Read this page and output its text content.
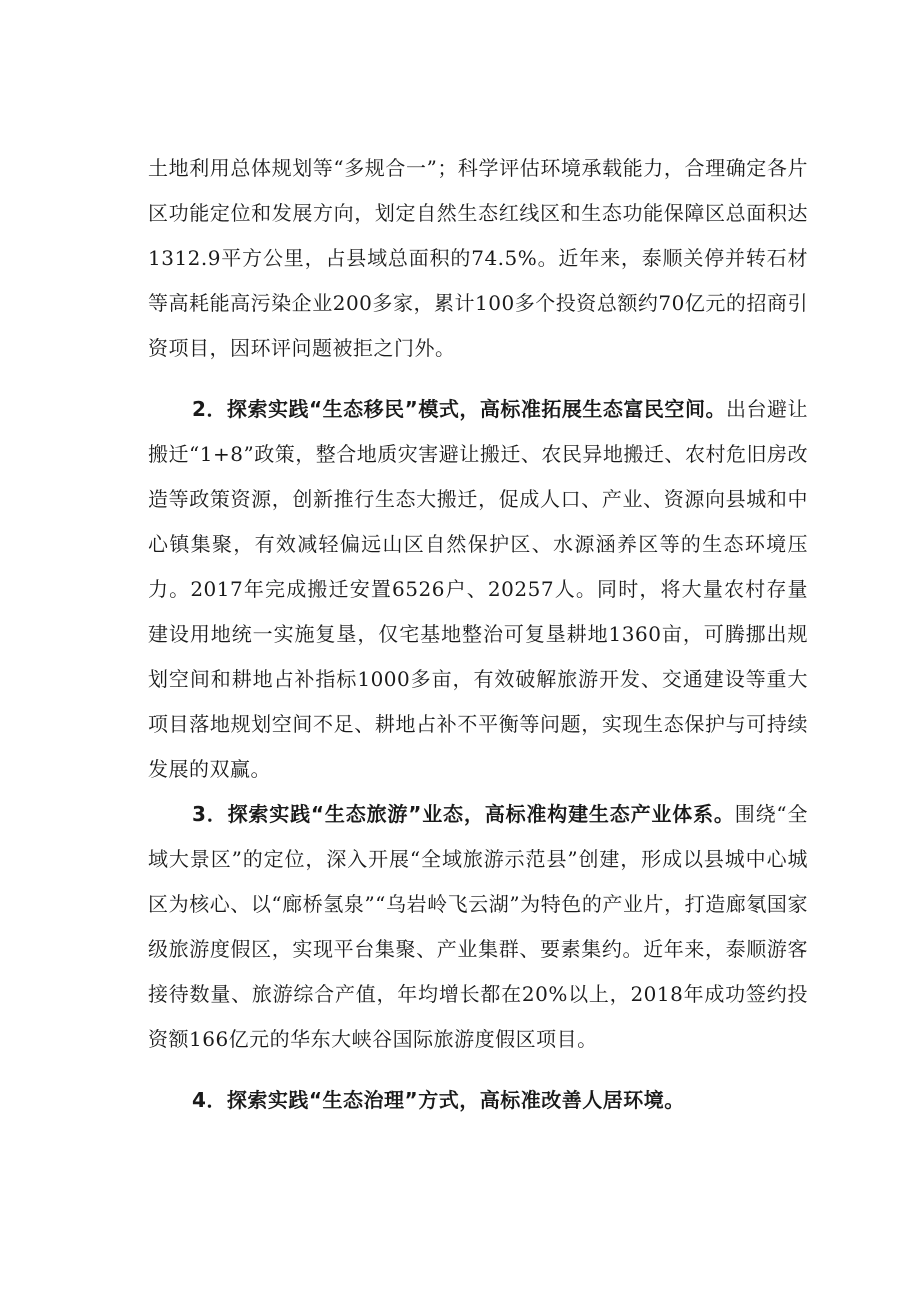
土地利用总体规划等“多规合一”；科学评估环境承载能力，合理确定各片区功能定位和发展方向，划定自然生态红线区和生态功能保障区总面积达1312.9平方公里，占县域总面积的74.5%。近年来，泰顺关停并转石材等高耗能高污染企业200多家，累计100多个投资总额约70亿元的招商引资项目，因环评问题被拒之门外。

2．探索实践“生态移民”模式，高标准拓展生态富民空间。出台避让搬迁“1+8”政策，整合地质灾害避让搬迁、农民异地搬迁、农村危旧房改造等政策资源，创新推行生态大搬迁，促成人口、产业、资源向县城和中心镇集聚，有效减轻偏远山区自然保护区、水源涵养区等的生态环境压力。2017年完成搬迁安置6526户、20257人。同时，将大量农村存量建设用地统一实施复垦，仅宅基地整治可复垦耕地1360亩，可腾挪出规划空间和耕地占补指标1000多亩，有效破解旅游开发、交通建设等重大项目落地规划空间不足、耕地占补不平衡等问题，实现生态保护与可持续发展的双赢。

3．探索实践“生态旅游”业态，高标准构建生态产业体系。围绕“全域大景区”的定位，深入开展“全域旅游示范县”创建，形成以县城中心城区为核心、以“廊桥氢泉”“乌岩岭飞云湖”为特色的产业片，打造廊氡国家级旅游度假区，实现平台集聚、产业集群、要素集约。近年来，泰顺游客接待数量、旅游综合产值，年均增长都在20%以上，2018年成功签约投资额166亿元的华东大峡谷国际旅游度假区项目。

4．探索实践“生态治理”方式，高标准改善人居环境。
